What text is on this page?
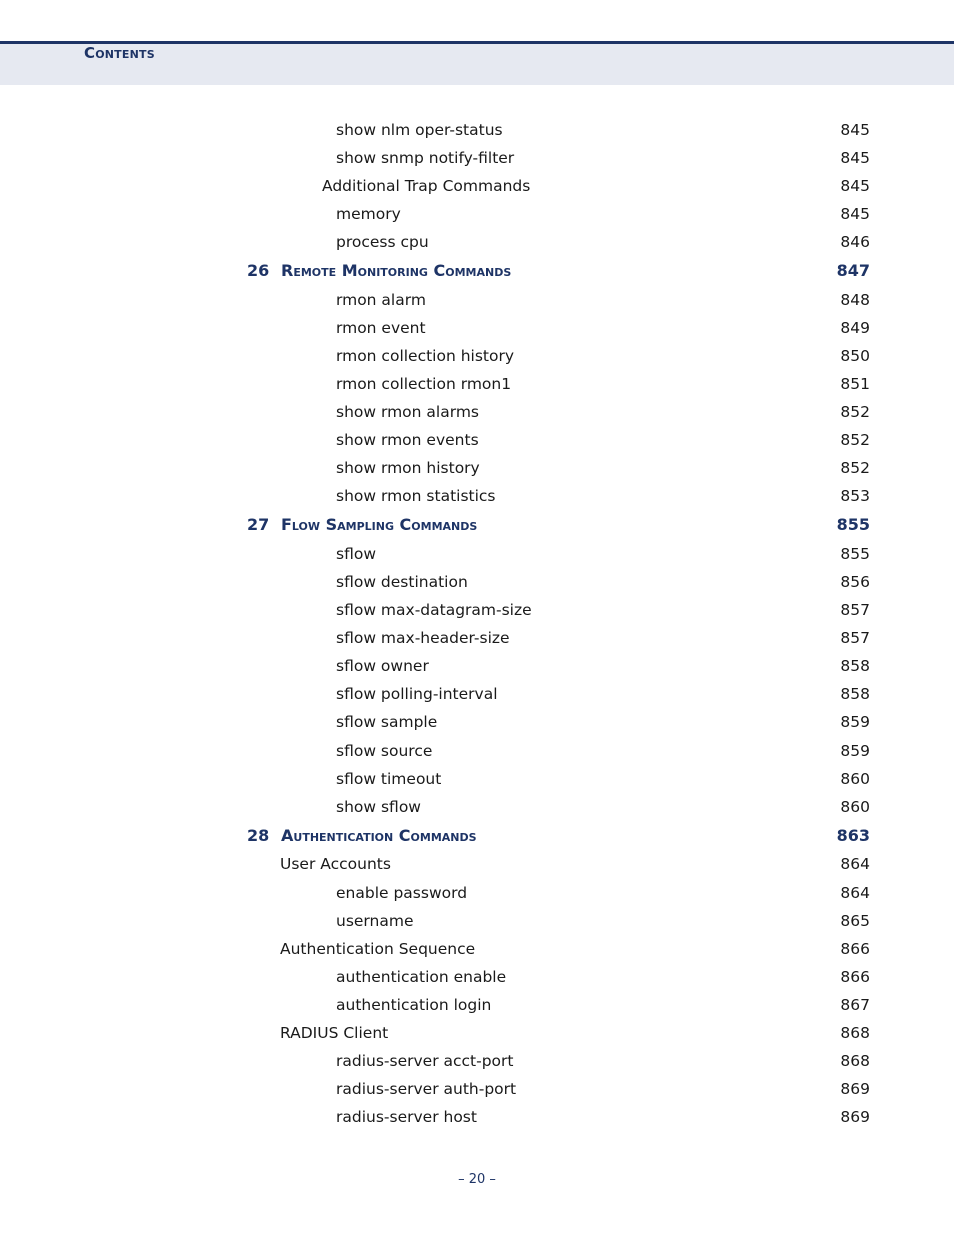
Contents
show nlm oper-status	845
show snmp notify-filter	845
Additional Trap Commands	845
memory	845
process cpu	846
26 Remote Monitoring Commands	847
rmon alarm	848
rmon event	849
rmon collection history	850
rmon collection rmon1	851
show rmon alarms	852
show rmon events	852
show rmon history	852
show rmon statistics	853
27 Flow Sampling Commands	855
sflow	855
sflow destination	856
sflow max-datagram-size	857
sflow max-header-size	857
sflow owner	858
sflow polling-interval	858
sflow sample	859
sflow source	859
sflow timeout	860
show sflow	860
28 Authentication Commands	863
User Accounts	864
enable password	864
username	865
Authentication Sequence	866
authentication enable	866
authentication login	867
RADIUS Client	868
radius-server acct-port	868
radius-server auth-port	869
radius-server host	869
– 20 –
